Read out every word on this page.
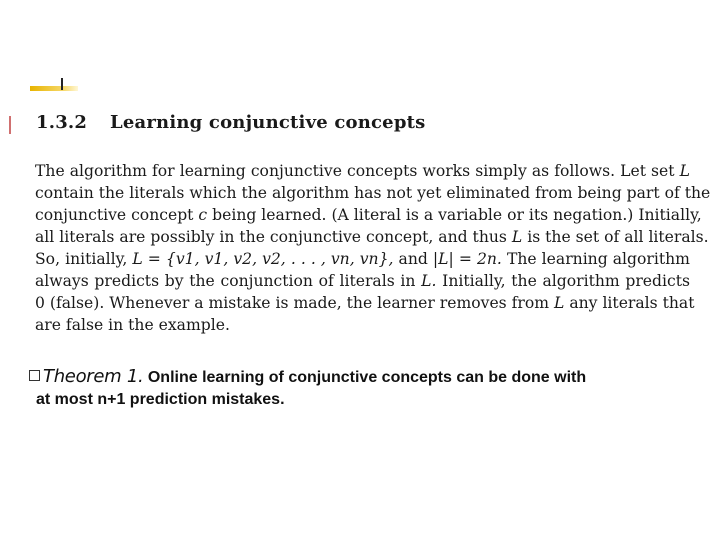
1.3.2 Learning conjunctive concepts
The algorithm for learning conjunctive concepts works simply as follows. Let set L
contain the literals which the algorithm has not yet eliminated from being part of the
conjunctive concept c being learned. (A literal is a variable or its negation.) Initially,
all literals are possibly in the conjunctive concept, and thus L is the set of all literals.
So, initially, L = {v1, v1, v2, v2, . . . , vn, vn}, and |L| = 2n. The learning algorithm
always predicts by the conjunction of literals in L. Initially, the algorithm predicts
0 (false). Whenever a mistake is made, the learner removes from L any literals that
are false in the example.
Theorem 1. Online learning of conjunctive concepts can be done with
at most n+1 prediction mistakes.
